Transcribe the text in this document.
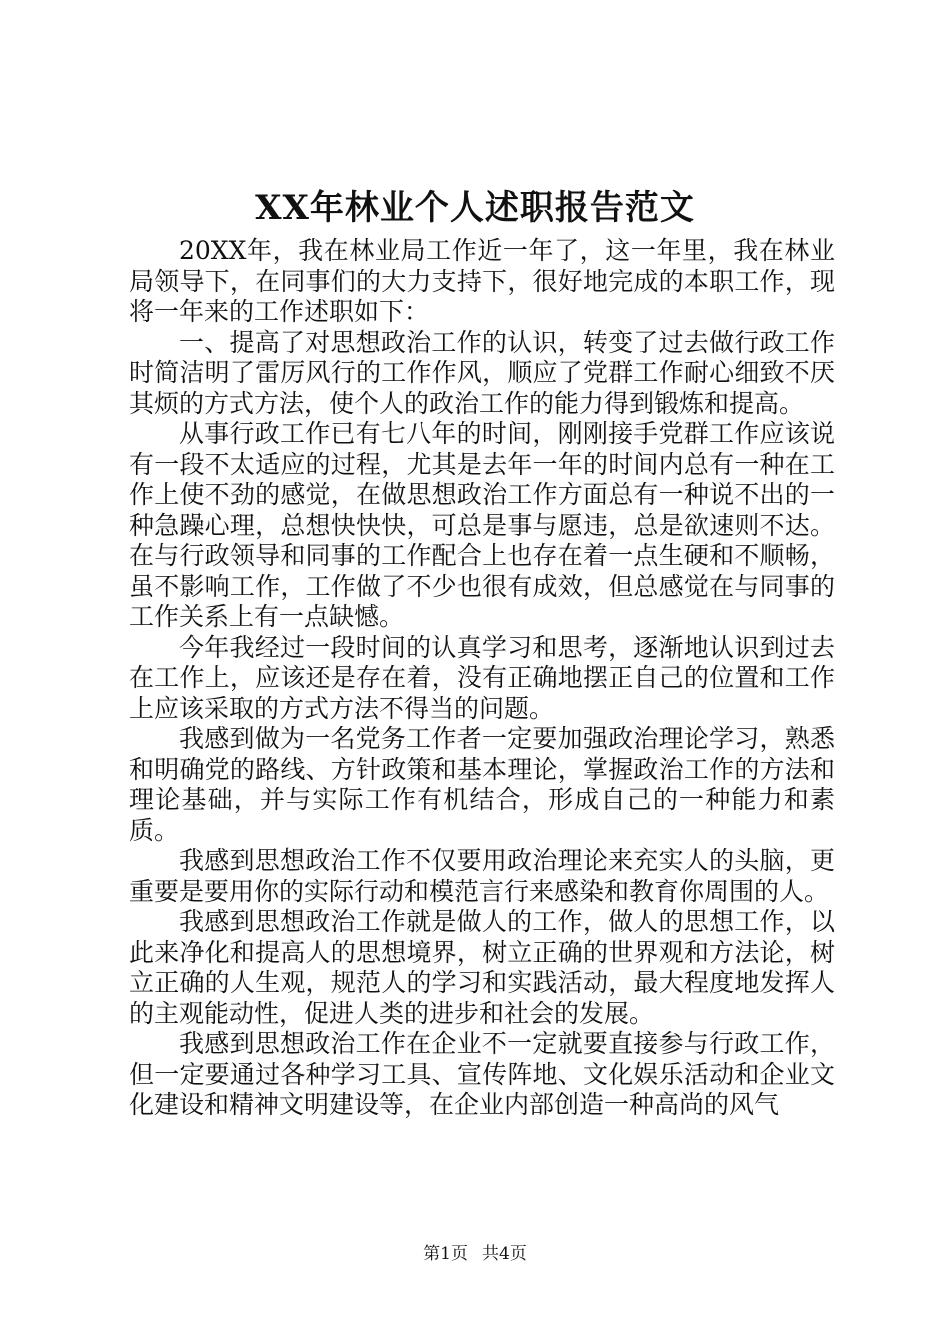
XX年林业个人述职报告范文

20XX年，我在林业局工作近一年了，这一年里，我在林业局领导下，在同事们的大力支持下，很好地完成的本职工作，现将一年来的工作述职如下：

一、提高了对思想政治工作的认识，转变了过去做行政工作时简洁明了雷厉风行的工作作风，顺应了党群工作耐心细致不厌其烦的方式方法，使个人的政治工作的能力得到锻炼和提高。

从事行政工作已有七八年的时间，刚刚接手党群工作应该说有一段不太适应的过程，尤其是去年一年的时间内总有一种在工作上使不劲的感觉，在做思想政治工作方面总有一种说不出的一种急躁心理，总想快快快，可总是事与愿违，总是欲速则不达。在与行政领导和同事的工作配合上也存在着一点生硬和不顺畅，虽不影响工作，工作做了不少也很有成效，但总感觉在与同事的工作关系上有一点缺憾。

今年我经过一段时间的认真学习和思考，逐渐地认识到过去在工作上，应该还是存在着，没有正确地摆正自己的位置和工作上应该采取的方式方法不得当的问题。

我感到做为一名党务工作者一定要加强政治理论学习，熟悉和明确党的路线、方针政策和基本理论，掌握政治工作的方法和理论基础，并与实际工作有机结合，形成自己的一种能力和素质。

我感到思想政治工作不仅要用政治理论来充实人的头脑，更重要是要用你的实际行动和模范言行来感染和教育你周围的人。

我感到思想政治工作就是做人的工作，做人的思想工作，以此来净化和提高人的思想境界，树立正确的世界观和方法论，树立正确的人生观，规范人的学习和实践活动，最大程度地发挥人的主观能动性，促进人类的进步和社会的发展。

我感到思想政治工作在企业不一定就要直接参与行政工作，但一定要通过各种学习工具、宣传阵地、文化娱乐活动和企业文化建设和精神文明建设等，在企业内部创造一种高尚的风气

第1页 共4页
